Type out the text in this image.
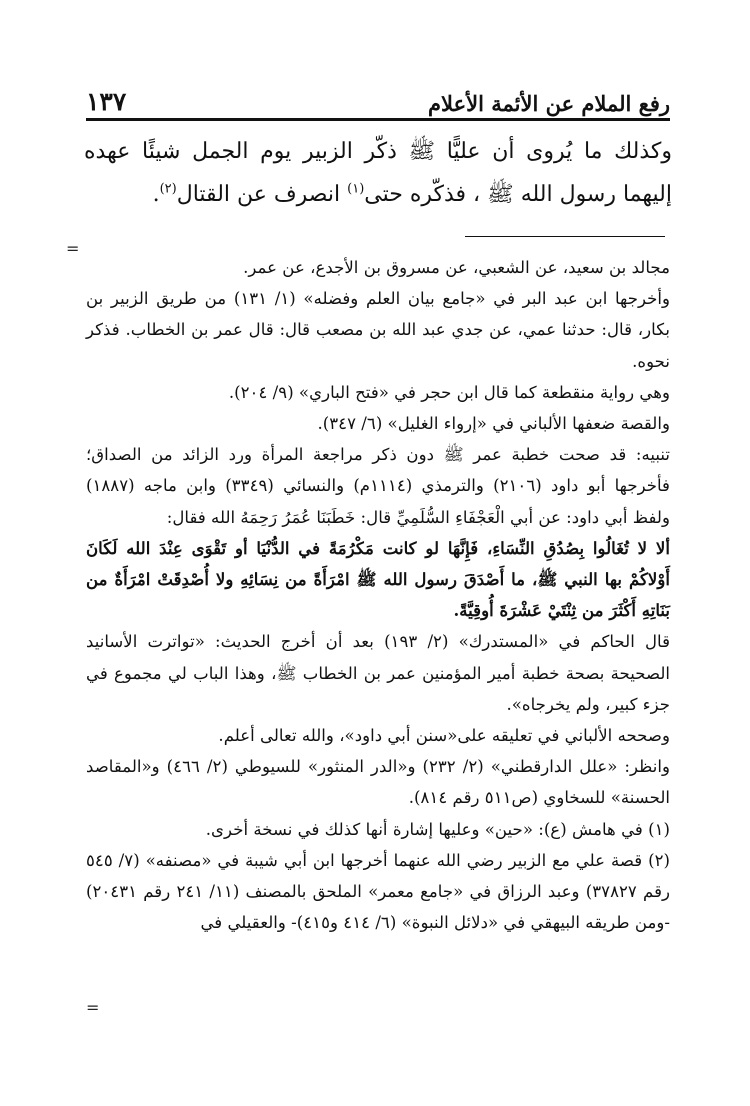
رفع الملام عن الأئمة الأعلام
١٣٧

وكذلك ما يُروى أن عليًّا ﷺ ذكّر الزبير يوم الجمل شيئًا عهده إليهما رسول الله ﷺ ، فذكّره حتى$^{(١)}$ انصرف عن القتال$^{(٢)}$.

=

مجالد بن سعيد، عن الشعبي، عن مسروق بن الأجدع، عن عمر.

وأخرجها ابن عبد البر في «جامع بيان العلم وفضله» (١/ ١٣١) من طريق الزبير بن بكار، قال: حدثنا عمي، عن جدي عبد الله بن مصعب قال: قال عمر بن الخطاب. فذكر نحوه.

وهي رواية منقطعة كما قال ابن حجر في «فتح الباري» (٩/ ٢٠٤).

والقصة ضعفها الألباني في «إرواء الغليل» (٦/ ٣٤٧).

تنبيه: قد صحت خطبة عمر ﷺ دون ذكر مراجعة المرأة ورد الزائد من الصداق؛ فأخرجها أبو داود (٢١٠٦) والترمذي (١١١٤م) والنسائي (٣٣٤٩) وابن ماجه (١٨٨٧) ولفظ أبي داود: عن أبي الْعَجْفَاءِ السُّلَمِيِّ قال: خَطَبَنَا عُمَرُ رَحِمَهُ الله فقال:

ألا لا تُغَالُوا بِصُدُقِ النِّسَاءِ، فَإِنَّهَا لو كانت مَكْرُمَةً في الدُّنْيَا أو تَقْوَى عِنْدَ الله لَكَانَ أَوْلاكُمْ بها النبي ﷺ، ما أَصْدَقَ رسول الله ﷺ امْرَأَةً من نِسَائِهِ ولا أُصْدِقَتْ امْرَأَةٌ من بَنَاتِهِ أَكْثَرَ من ثِنْتَيْ عَشْرَةَ أُوقِيَّةً.

قال الحاكم في «المستدرك» (٢/ ١٩٣) بعد أن أخرج الحديث: «تواترت الأسانيد الصحيحة بصحة خطبة أمير المؤمنين عمر بن الخطاب ﷺ، وهذا الباب لي مجموع في جزء كبير، ولم يخرجاه».

وصححه الألباني في تعليقه على«سنن أبي داود»، والله تعالى أعلم.

وانظر: «علل الدارقطني» (٢/ ٢٣٢) و«الدر المنثور» للسيوطي (٢/ ٤٦٦) و«المقاصد الحسنة» للسخاوي (ص٥١١ رقم ٨١٤).

(١) في هامش (ع): «حين» وعليها إشارة أنها كذلك في نسخة أخرى.

(٢) قصة علي مع الزبير رضي الله عنهما أخرجها ابن أبي شيبة في «مصنفه» (٧/ ٥٤٥ رقم ٣٧٨٢٧) وعبد الرزاق في «جامع معمر» الملحق بالمصنف (١١/ ٢٤١ رقم ٢٠٤٣١) -ومن طريقه البيهقي في «دلائل النبوة» (٦/ ٤١٤ و٤١٥)- والعقيلي في

=
